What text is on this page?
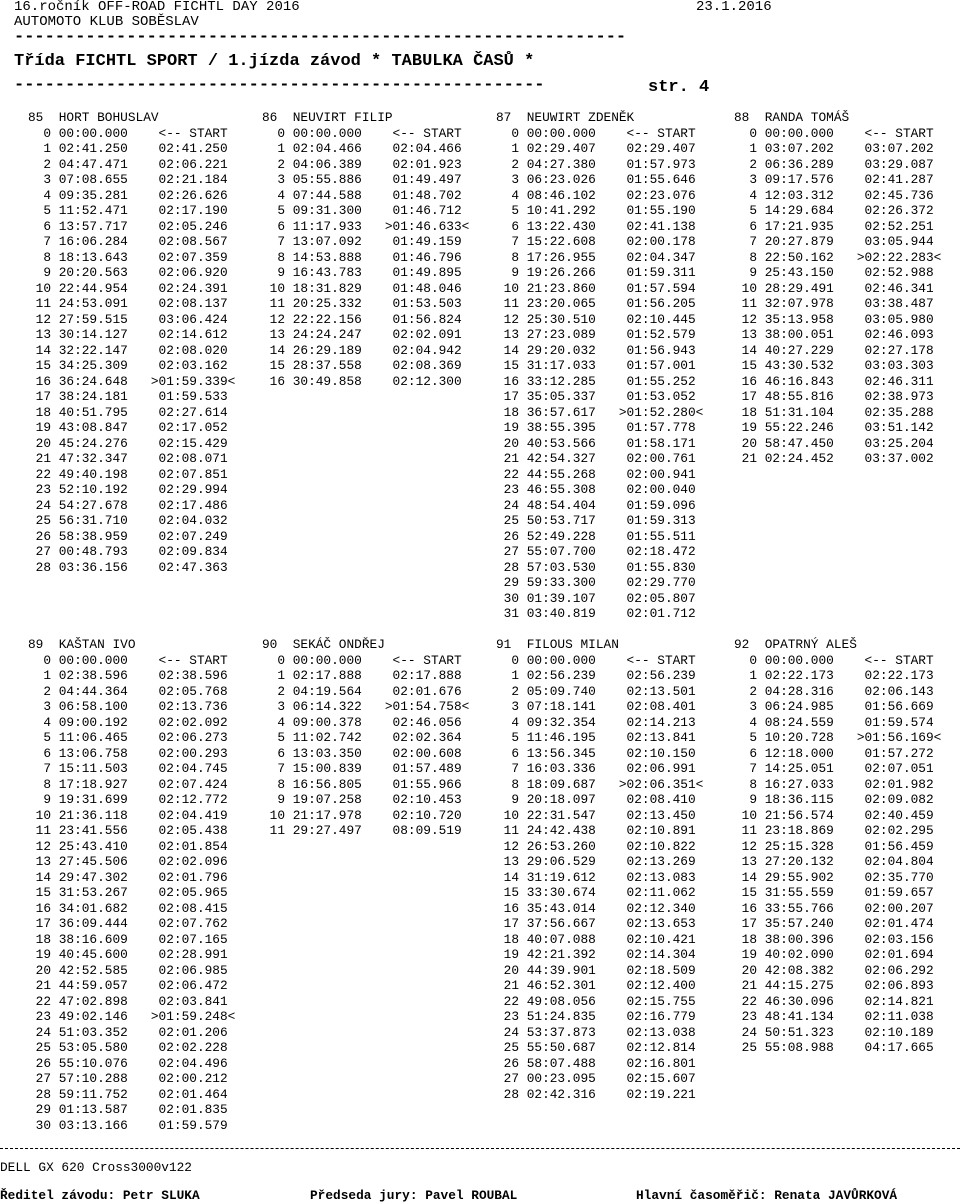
16.ročník OFF-ROAD FICHTL DAY 2016	23.1.2016
AUTOMOTO KLUB SOBĚSLAV
------------------------------------------------------------
Třída FICHTL SPORT / 1.jízda závod * TABULKA ČASŮ *
----------------------------------------------------	str. 4
85  HORT BOHUSLAV
0 00:00.000    <-- START
1 02:41.250    02:41.250
2 04:47.471    02:06.221
3 07:08.655    02:21.184
4 09:35.281    02:26.626
5 11:52.471    02:17.190
6 13:57.717    02:05.246
7 16:06.284    02:08.567
8 18:13.643    02:07.359
9 20:20.563    02:06.920
10 22:44.954    02:24.391
11 24:53.091    02:08.137
12 27:59.515    03:06.424
13 30:14.127    02:14.612
14 32:22.147    02:08.020
15 34:25.309    02:03.162
16 36:24.648   >01:59.339<
17 38:24.181    01:59.533
18 40:51.795    02:27.614
19 43:08.847    02:17.052
20 45:24.276    02:15.429
21 47:32.347    02:08.071
22 49:40.198    02:07.851
23 52:10.192    02:29.994
24 54:27.678    02:17.486
25 56:31.710    02:04.032
26 58:38.959    02:07.249
27 00:48.793    02:09.834
28 03:36.156    02:47.363
86  NEUVIRT FILIP
0 00:00.000    <-- START
1 02:04.466    02:04.466
2 04:06.389    02:01.923
3 05:55.886    01:49.497
4 07:44.588    01:48.702
5 09:31.300    01:46.712
6 11:17.933   >01:46.633<
7 13:07.092    01:49.159
8 14:53.888    01:46.796
9 16:43.783    01:49.895
10 18:31.829    01:48.046
11 20:25.332    01:53.503
12 22:22.156    01:56.824
13 24:24.247    02:02.091
14 26:29.189    02:04.942
15 28:37.558    02:08.369
16 30:49.858    02:12.300
87  NEUWIRT ZDENĚK
0 00:00.000    <-- START
1 02:29.407    02:29.407
2 04:27.380    01:57.973
3 06:23.026    01:55.646
4 08:46.102    02:23.076
5 10:41.292    01:55.190
6 13:22.430    02:41.138
7 15:22.608    02:00.178
8 17:26.955    02:04.347
9 19:26.266    01:59.311
10 21:23.860    01:57.594
11 23:20.065    01:56.205
12 25:30.510    02:10.445
13 27:23.089    01:52.579
14 29:20.032    01:56.943
15 31:17.033    01:57.001
16 33:12.285    01:55.252
17 35:05.337    01:53.052
18 36:57.617   >01:52.280<
19 38:55.395    01:57.778
20 40:53.566    01:58.171
21 42:54.327    02:00.761
22 44:55.268    02:00.941
23 46:55.308    02:00.040
24 48:54.404    01:59.096
25 50:53.717    01:59.313
26 52:49.228    01:55.511
27 55:07.700    02:18.472
28 57:03.530    01:55.830
29 59:33.300    02:29.770
30 01:39.107    02:05.807
31 03:40.819    02:01.712
88  RANDA TOMÁŠ
0 00:00.000    <-- START
1 03:07.202    03:07.202
2 06:36.289    03:29.087
3 09:17.576    02:41.287
4 12:03.312    02:45.736
5 14:29.684    02:26.372
6 17:21.935    02:52.251
7 20:27.879    03:05.944
8 22:50.162   >02:22.283<
9 25:43.150    02:52.988
10 28:29.491    02:46.341
11 32:07.978    03:38.487
12 35:13.958    03:05.980
13 38:00.051    02:46.093
14 40:27.229    02:27.178
15 43:30.532    03:03.303
16 46:16.843    02:46.311
17 48:55.816    02:38.973
18 51:31.104    02:35.288
19 55:22.246    03:51.142
20 58:47.450    03:25.204
21 02:24.452    03:37.002
89  KAŠTAN IVO
0 00:00.000    <-- START
1 02:38.596    02:38.596
2 04:44.364    02:05.768
3 06:58.100    02:13.736
4 09:00.192    02:02.092
5 11:06.465    02:06.273
6 13:06.758    02:00.293
7 15:11.503    02:04.745
8 17:18.927    02:07.424
9 19:31.699    02:12.772
10 21:36.118    02:04.419
11 23:41.556    02:05.438
12 25:43.410    02:01.854
13 27:45.506    02:02.096
14 29:47.302    02:01.796
15 31:53.267    02:05.965
16 34:01.682    02:08.415
17 36:09.444    02:07.762
18 38:16.609    02:07.165
19 40:45.600    02:28.991
20 42:52.585    02:06.985
21 44:59.057    02:06.472
22 47:02.898    02:03.841
23 49:02.146   >01:59.248<
24 51:03.352    02:01.206
25 53:05.580    02:02.228
26 55:10.076    02:04.496
27 57:10.288    02:00.212
28 59:11.752    02:01.464
29 01:13.587    02:01.835
30 03:13.166    01:59.579
90  SEKÁČ ONDŘEJ
0 00:00.000    <-- START
1 02:17.888    02:17.888
2 04:19.564    02:01.676
3 06:14.322   >01:54.758<
4 09:00.378    02:46.056
5 11:02.742    02:02.364
6 13:03.350    02:00.608
7 15:00.839    01:57.489
8 16:56.805    01:55.966
9 19:07.258    02:10.453
10 21:17.978    02:10.720
11 29:27.497    08:09.519
91  FILOUS MILAN
0 00:00.000    <-- START
1 02:56.239    02:56.239
2 05:09.740    02:13.501
3 07:18.141    02:08.401
4 09:32.354    02:14.213
5 11:46.195    02:13.841
6 13:56.345    02:10.150
7 16:03.336    02:06.991
8 18:09.687   >02:06.351<
9 20:18.097    02:08.410
10 22:31.547    02:13.450
11 24:42.438    02:10.891
12 26:53.260    02:10.822
13 29:06.529    02:13.269
14 31:19.612    02:13.083
15 33:30.674    02:11.062
16 35:43.014    02:12.340
17 37:56.667    02:13.653
18 40:07.088    02:10.421
19 42:21.392    02:14.304
20 44:39.901    02:18.509
21 46:52.301    02:12.400
22 49:08.056    02:15.755
23 51:24.835    02:16.779
24 53:37.873    02:13.038
25 55:50.687    02:12.814
26 58:07.488    02:16.801
27 00:23.095    02:15.607
28 02:42.316    02:19.221
92  OPATRNÝ ALEŠ
0 00:00.000    <-- START
1 02:22.173    02:22.173
2 04:28.316    02:06.143
3 06:24.985    01:56.669
4 08:24.559    01:59.574
5 10:20.728   >01:56.169<
6 12:18.000    01:57.272
7 14:25.051    02:07.051
8 16:27.033    02:01.982
9 18:36.115    02:09.082
10 21:56.574    02:40.459
11 23:18.869    02:02.295
12 25:15.328    01:56.459
13 27:20.132    02:04.804
14 29:55.902    02:35.770
15 31:55.559    01:59.657
16 33:55.766    02:00.207
17 35:57.240    02:01.474
18 38:00.396    02:03.156
19 40:02.090    02:01.694
20 42:08.382    02:06.292
21 44:15.275    02:06.893
22 46:30.096    02:14.821
23 48:41.134    02:11.038
24 50:51.323    02:10.189
25 55:08.988    04:17.665
DELL GX 620 Cross3000v122
Ředitel závodu: Petr SLUKA	Předseda jury: Pavel ROUBAL	Hlavní časoměřič: Renata JAVŮRKOVÁ
